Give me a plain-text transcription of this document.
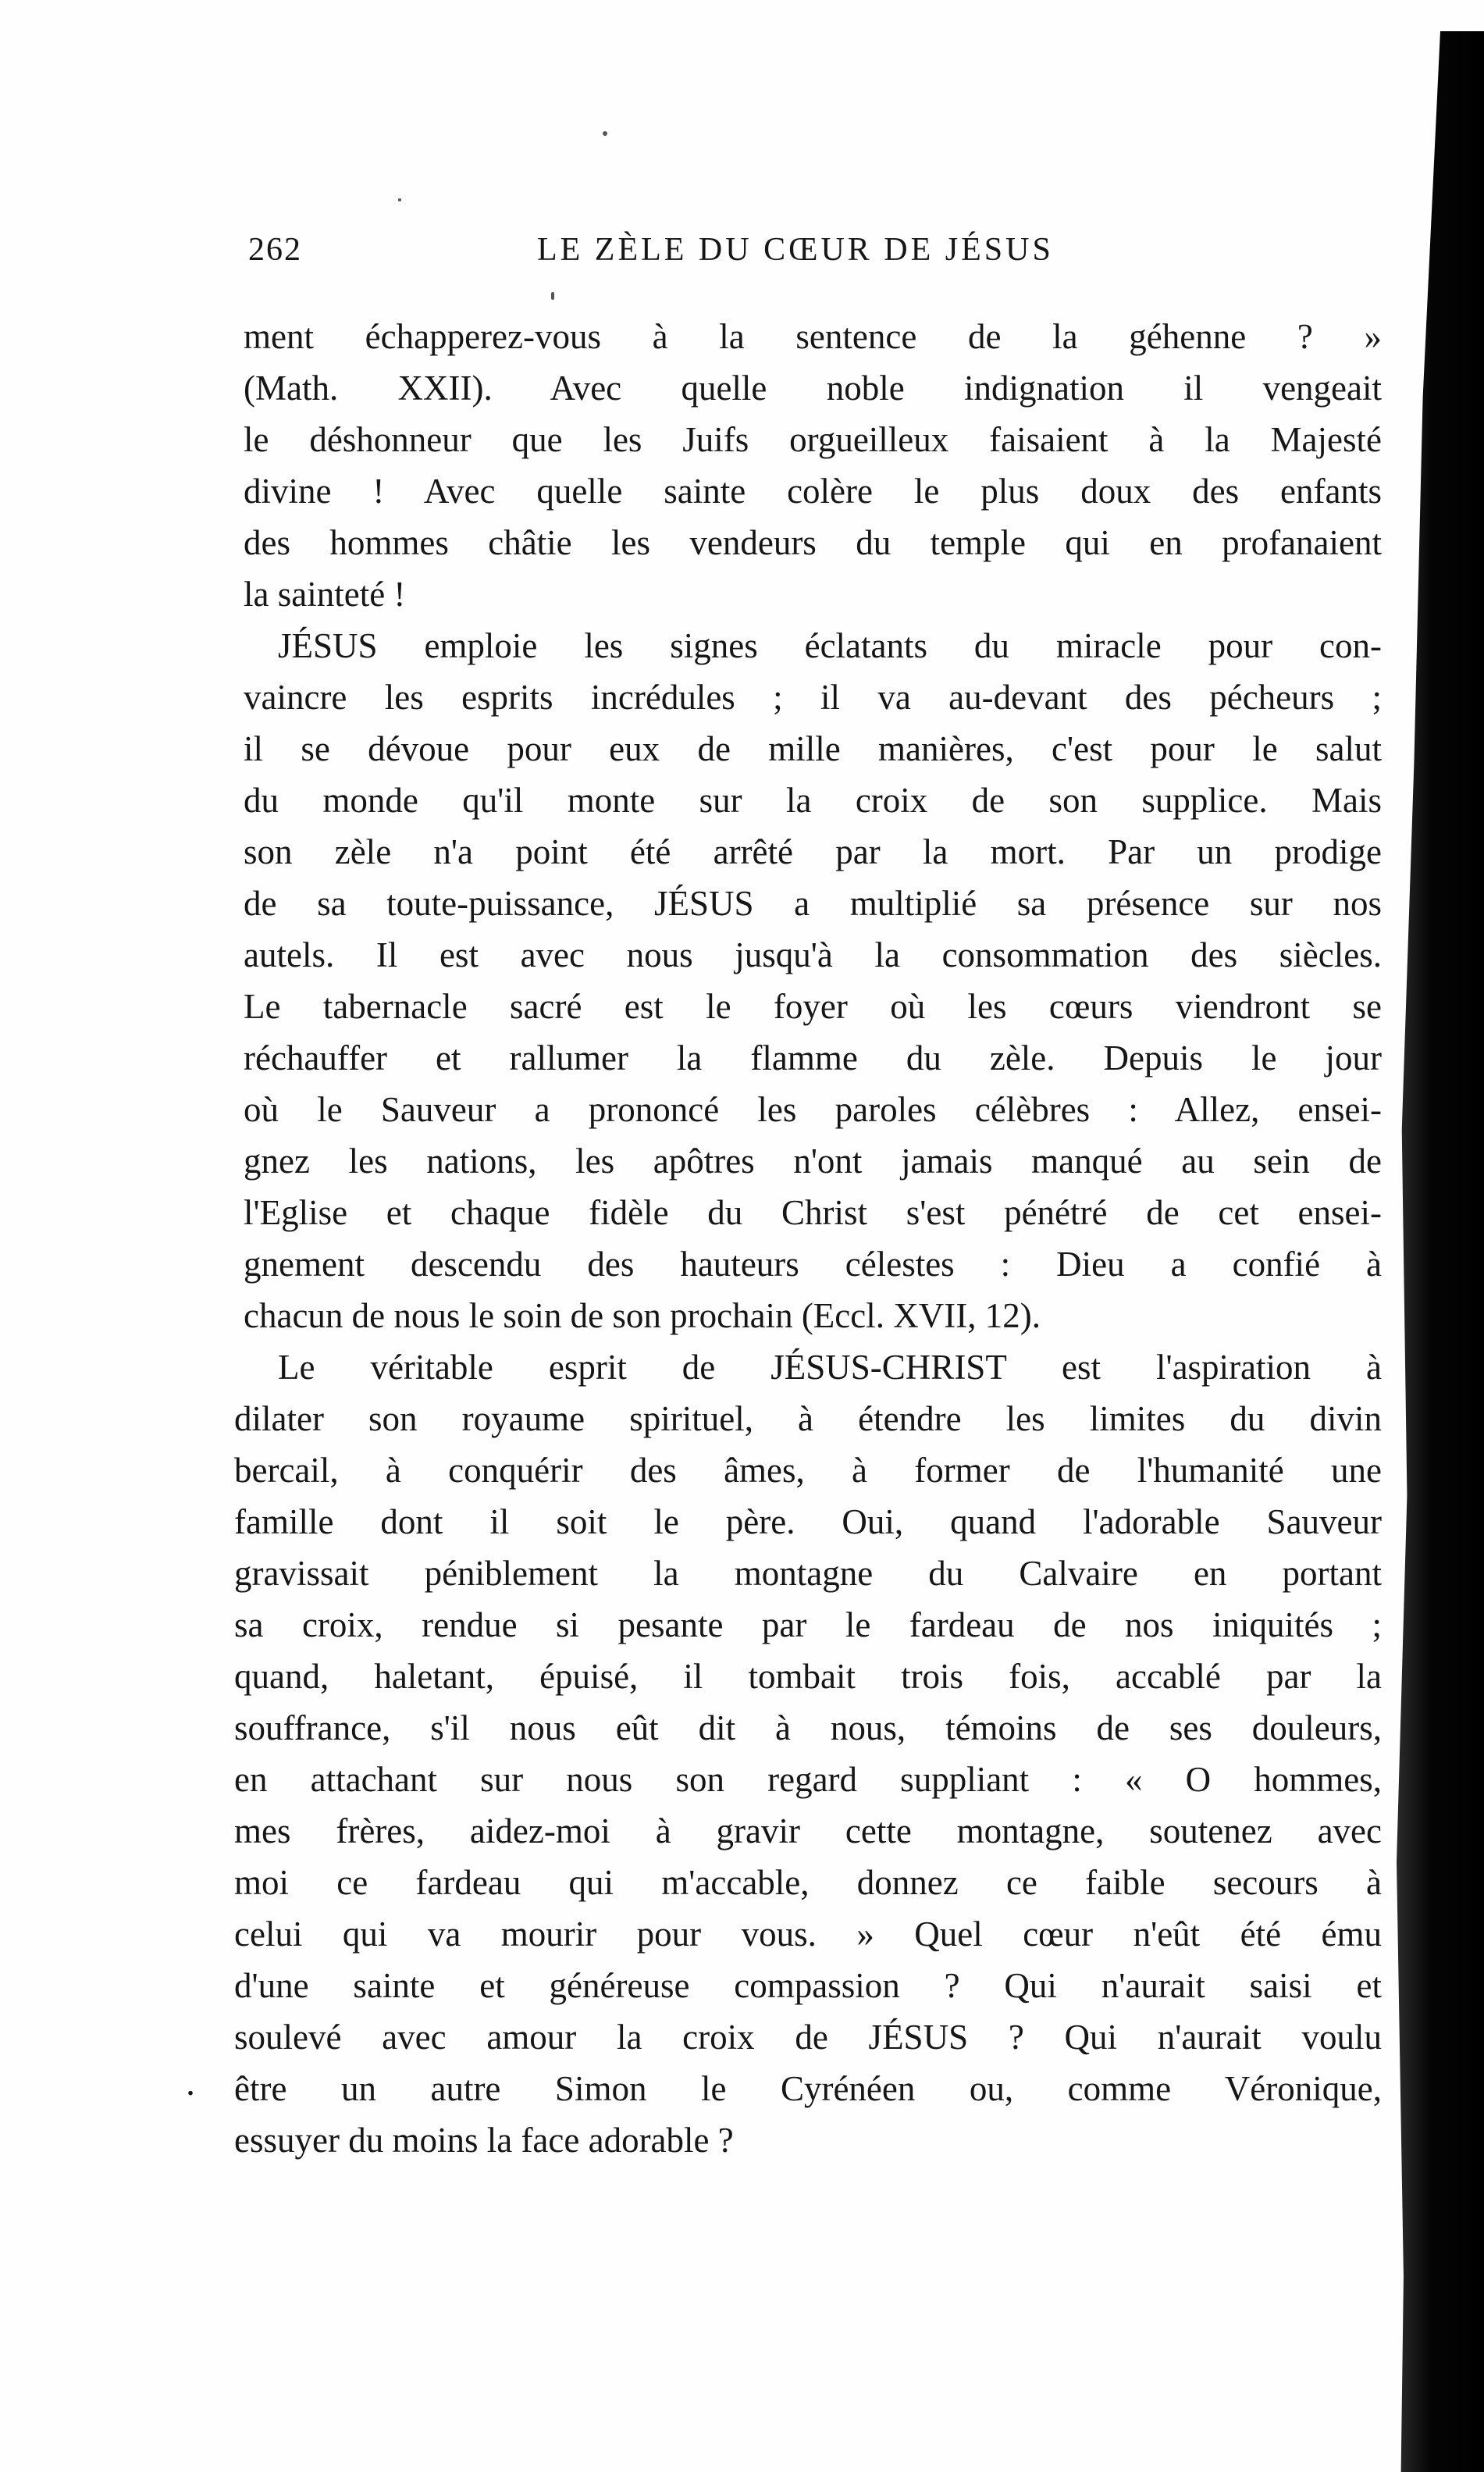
262	LE ZÈLE DU CŒUR DE JÉSUS
ment échapperez-vous à la sentence de la géhenne ? »
(Math. XXII). Avec quelle noble indignation il vengeait
le déshonneur que les Juifs orgueilleux faisaient à la Majesté
divine ! Avec quelle sainte colère le plus doux des enfants
des hommes châtie les vendeurs du temple qui en profanaient
la sainteté !
JÉSUS emploie les signes éclatants du miracle pour con-
vaincre les esprits incrédules ; il va au-devant des pécheurs ;
il se dévoue pour eux de mille manières, c'est pour le salut
du monde qu'il monte sur la croix de son supplice. Mais
son zèle n'a point été arrêté par la mort. Par un prodige
de sa toute-puissance, JÉSUS a multiplié sa présence sur nos
autels. Il est avec nous jusqu'à la consommation des siècles.
Le tabernacle sacré est le foyer où les cœurs viendront se
réchauffer et rallumer la flamme du zèle. Depuis le jour
où le Sauveur a prononcé les paroles célèbres : Allez, ensei-
gnez les nations, les apôtres n'ont jamais manqué au sein de
l'Eglise et chaque fidèle du Christ s'est pénétré de cet ensei-
gnement descendu des hauteurs célestes : Dieu a confié à
chacun de nous le soin de son prochain (Eccl. XVII, 12).
Le véritable esprit de JÉSUS-CHRIST est l'aspiration à
dilater son royaume spirituel, à étendre les limites du divin
bercail, à conquérir des âmes, à former de l'humanité une
famille dont il soit le père. Oui, quand l'adorable Sauveur
gravissait péniblement la montagne du Calvaire en portant
sa croix, rendue si pesante par le fardeau de nos iniquités ;
quand, haletant, épuisé, il tombait trois fois, accablé par la
souffrance, s'il nous eût dit à nous, témoins de ses douleurs,
en attachant sur nous son regard suppliant : « O hommes,
mes frères, aidez-moi à gravir cette montagne, soutenez avec
moi ce fardeau qui m'accable, donnez ce faible secours à
celui qui va mourir pour vous. » Quel cœur n'eût été ému
d'une sainte et généreuse compassion ? Qui n'aurait saisi et
soulevé avec amour la croix de JÉSUS ? Qui n'aurait voulu
être un autre Simon le Cyrénéen ou, comme Véronique,
essuyer du moins la face adorable ?
.
